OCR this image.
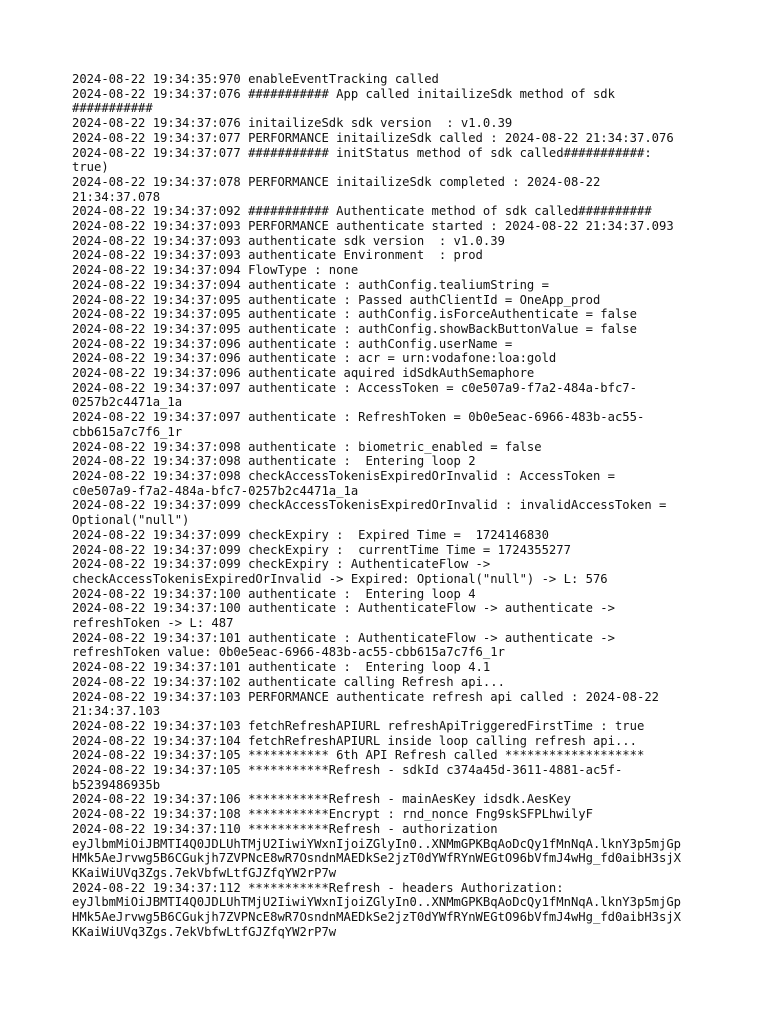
2024-08-22 19:34:35:970 enableEventTracking called
2024-08-22 19:34:37:076 ########### App called initailizeSdk method of sdk
###########
2024-08-22 19:34:37:076 initailizeSdk sdk version  : v1.0.39
2024-08-22 19:34:37:077 PERFORMANCE initailizeSdk called : 2024-08-22 21:34:37.076
2024-08-22 19:34:37:077 ########### initStatus method of sdk called###########:
true)
2024-08-22 19:34:37:078 PERFORMANCE initailizeSdk completed : 2024-08-22
21:34:37.078
2024-08-22 19:34:37:092 ########### Authenticate method of sdk called##########
2024-08-22 19:34:37:093 PERFORMANCE authenticate started : 2024-08-22 21:34:37.093
2024-08-22 19:34:37:093 authenticate sdk version  : v1.0.39
2024-08-22 19:34:37:093 authenticate Environment  : prod
2024-08-22 19:34:37:094 FlowType : none
2024-08-22 19:34:37:094 authenticate : authConfig.tealiumString =
2024-08-22 19:34:37:095 authenticate : Passed authClientId = OneApp_prod
2024-08-22 19:34:37:095 authenticate : authConfig.isForceAuthenticate = false
2024-08-22 19:34:37:095 authenticate : authConfig.showBackButtonValue = false
2024-08-22 19:34:37:096 authenticate : authConfig.userName =
2024-08-22 19:34:37:096 authenticate : acr = urn:vodafone:loa:gold
2024-08-22 19:34:37:096 authenticate aquired idSdkAuthSemaphore
2024-08-22 19:34:37:097 authenticate : AccessToken = c0e507a9-f7a2-484a-bfc7-
0257b2c4471a_1a
2024-08-22 19:34:37:097 authenticate : RefreshToken = 0b0e5eac-6966-483b-ac55-
cbb615a7c7f6_1r
2024-08-22 19:34:37:098 authenticate : biometric_enabled = false
2024-08-22 19:34:37:098 authenticate :  Entering loop 2
2024-08-22 19:34:37:098 checkAccessTokenisExpiredOrInvalid : AccessToken =
c0e507a9-f7a2-484a-bfc7-0257b2c4471a_1a
2024-08-22 19:34:37:099 checkAccessTokenisExpiredOrInvalid : invalidAccessToken =
Optional("null")
2024-08-22 19:34:37:099 checkExpiry :  Expired Time =  1724146830
2024-08-22 19:34:37:099 checkExpiry :  currentTime Time = 1724355277
2024-08-22 19:34:37:099 checkExpiry : AuthenticateFlow ->
checkAccessTokenisExpiredOrInvalid -> Expired: Optional("null") -> L: 576
2024-08-22 19:34:37:100 authenticate :  Entering loop 4
2024-08-22 19:34:37:100 authenticate : AuthenticateFlow -> authenticate ->
refreshToken -> L: 487
2024-08-22 19:34:37:101 authenticate : AuthenticateFlow -> authenticate ->
refreshToken value: 0b0e5eac-6966-483b-ac55-cbb615a7c7f6_1r
2024-08-22 19:34:37:101 authenticate :  Entering loop 4.1
2024-08-22 19:34:37:102 authenticate calling Refresh api...
2024-08-22 19:34:37:103 PERFORMANCE authenticate refresh api called : 2024-08-22
21:34:37.103
2024-08-22 19:34:37:103 fetchRefreshAPIURL refreshApiTriggeredFirstTime : true
2024-08-22 19:34:37:104 fetchRefreshAPIURL inside loop calling refresh api...
2024-08-22 19:34:37:105 *********** 6th API Refresh called *******************
2024-08-22 19:34:37:105 ***********Refresh - sdkId c374a45d-3611-4881-ac5f-
b5239486935b
2024-08-22 19:34:37:106 ***********Refresh - mainAesKey idsdk.AesKey
2024-08-22 19:34:37:108 ***********Encrypt : rnd_nonce Fng9skSFPLhwilyF
2024-08-22 19:34:37:110 ***********Refresh - authorization
eyJlbmMiOiJBMTI4Q0JDLUhTMjU2IiwiYWxnIjoiZGlyIn0..XNMmGPKBqAoDcQy1fMnNqA.lknY3p5mjGp
HMk5AeJrvwg5B6CGukjh7ZVPNcE8wR7OsndnMAEDkSe2jzT0dYWfRYnWEGtO96bVfmJ4wHg_fd0aibH3sjX
KKaiWiUVq3Zgs.7ekVbfwLtfGJZfqYW2rP7w
2024-08-22 19:34:37:112 ***********Refresh - headers Authorization:
eyJlbmMiOiJBMTI4Q0JDLUhTMjU2IiwiYWxnIjoiZGlyIn0..XNMmGPKBqAoDcQy1fMnNqA.lknY3p5mjGp
HMk5AeJrvwg5B6CGukjh7ZVPNcE8wR7OsndnMAEDkSe2jzT0dYWfRYnWEGtO96bVfmJ4wHg_fd0aibH3sjX
KKaiWiUVq3Zgs.7ekVbfwLtfGJZfqYW2rP7w
